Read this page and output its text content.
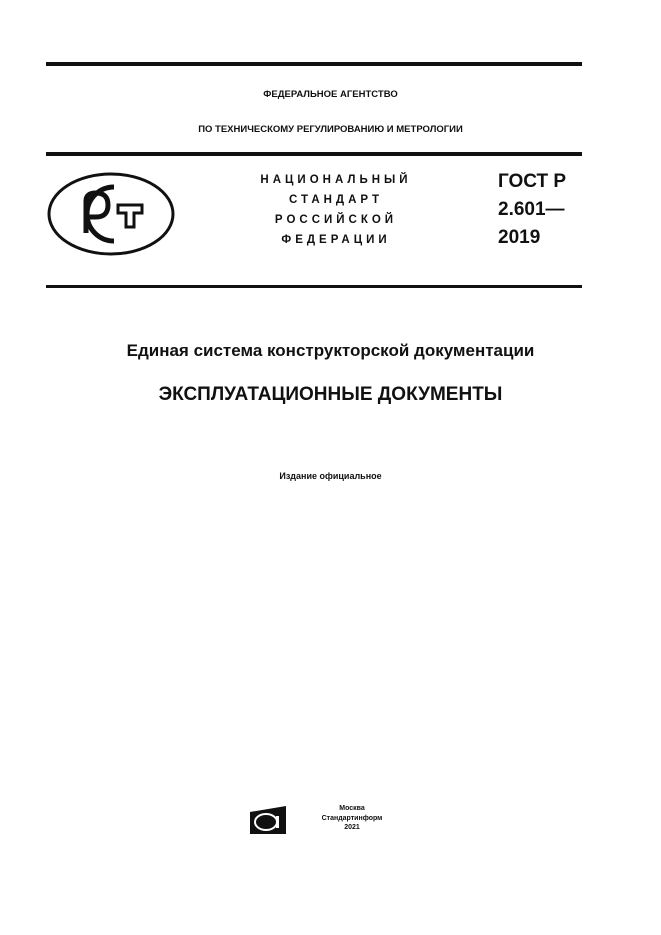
ФЕДЕРАЛЬНОЕ АГЕНТСТВО
ПО ТЕХНИЧЕСКОМУ РЕГУЛИРОВАНИЮ И МЕТРОЛОГИИ
НАЦИОНАЛЬНЫЙ
СТАНДАРТ
РОССИЙСКОЙ
ФЕДЕРАЦИИ
ГОСТ Р
2.601—
2019
Единая система конструкторской документации
ЭКСПЛУАТАЦИОННЫЕ ДОКУМЕНТЫ
Издание официальное
Москва
Стандартинформ
2021
